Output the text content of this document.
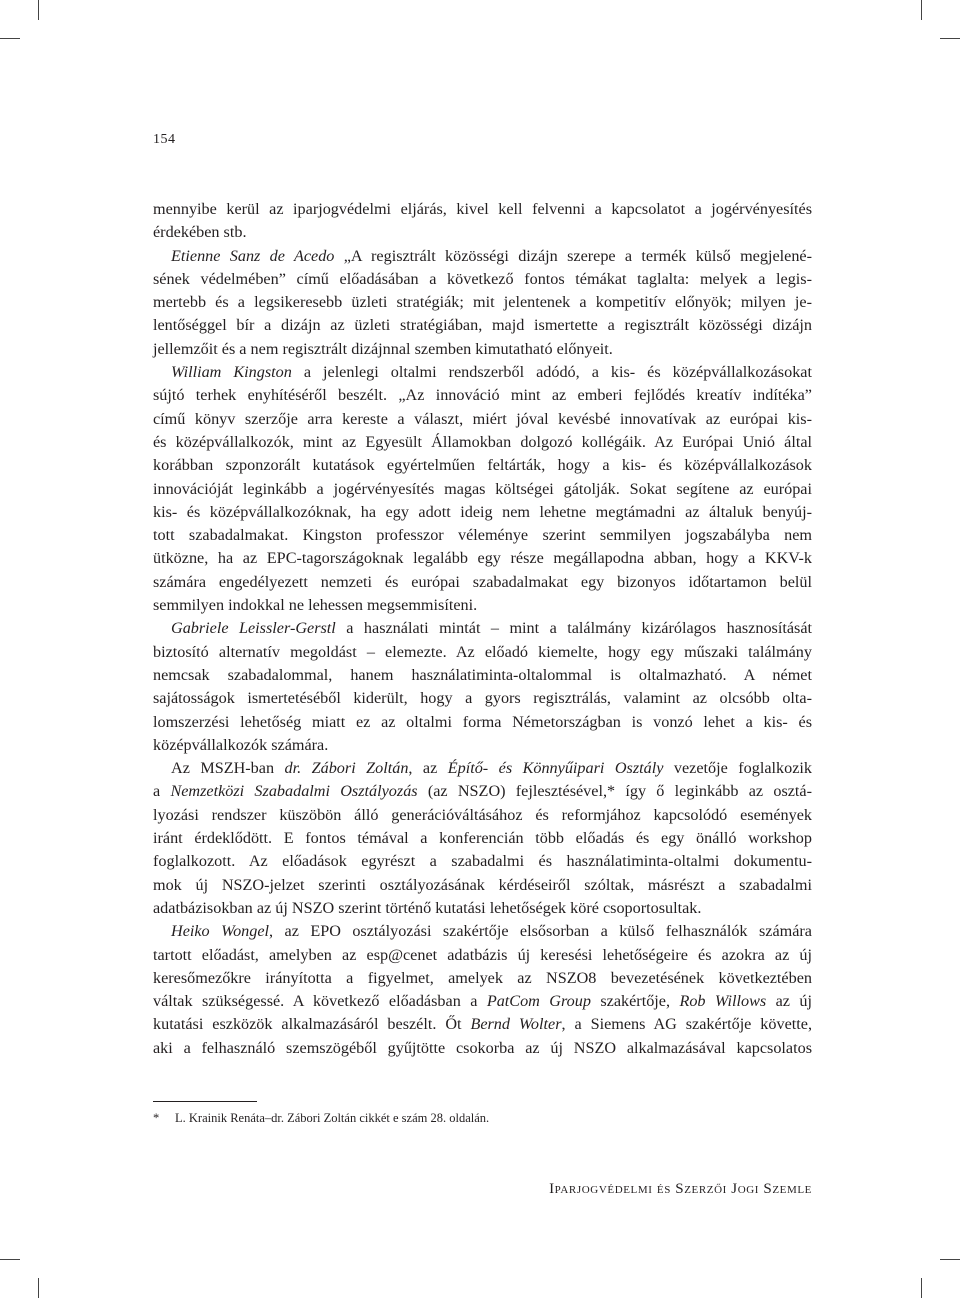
154
mennyibe kerül az iparjogvédelmi eljárás, kivel kell felvenni a kapcsolatot a jogérvényesítés
érdekében stb.
Etienne Sanz de Acedo „A regisztrált közösségi dizájn szerepe a termék külső megjelené-
sének védelmében” című előadásában a következő fontos témákat taglalta: melyek a legis-
mertebb és a legsikeresebb üzleti stratégiák; mit jelentenek a kompetitív előnyök; milyen je-
lentőséggel bír a dizájn az üzleti stratégiában, majd ismertette a regisztrált közösségi dizájn
jellemzőit és a nem regisztrált dizájnnal szemben kimutatható előnyeit.
William Kingston a jelenlegi oltalmi rendszerből adódó, a kis- és középvállalkozásokat
sújtó terhek enyhítéséről beszélt. „Az innováció mint az emberi fejlődés kreatív indítéka”
című könyv szerzője arra kereste a választ, miért jóval kevésbé innovatívak az európai kis-
és középvállalkozók, mint az Egyesült Államokban dolgozó kollégáik. Az Európai Unió által
korábban szponzorált kutatások egyértelműen feltárták, hogy a kis- és középvállalkozások
innovációját leginkább a jogérvényesítés magas költségei gátolják. Sokat segítene az európai
kis- és középvállalkozóknak, ha egy adott ideig nem lehetne megtámadni az általuk benyúj-
tott szabadalmakat. Kingston professzor véleménye szerint semmilyen jogszabályba nem
ütközne, ha az EPC-tagországoknak legalább egy része megállapodna abban, hogy a KKV-k
számára engedélyezett nemzeti és európai szabadalmakat egy bizonyos időtartamon belül
semmilyen indokkal ne lehessen megsemmisíteni.
Gabriele Leissler-Gerstl a használati mintát – mint a találmány kizárólagos hasznosítását
biztosító alternatív megoldást – elemezte. Az előadó kiemelte, hogy egy műszaki találmány
nemcsak szabadalommal, hanem használatiminta-oltalommal is oltalmazható. A német
sajátosságok ismertetéséből kiderült, hogy a gyors regisztrálás, valamint az olcsóbb olta-
lomszerzési lehetőség miatt ez az oltalmi forma Németországban is vonzó lehet a kis- és
középvállalkozók számára.
Az MSZH-ban dr. Zábori Zoltán, az Építő- és Könnyűipari Osztály vezetője foglalkozik
a Nemzetközi Szabadalmi Osztályozás (az NSZO) fejlesztésével,* így ő leginkább az osztá-
lyozási rendszer küszöbön álló generációváltásához és reformjához kapcsolódó események
iránt érdeklődött. E fontos témával a konferencián több előadás és egy önálló workshop
foglalkozott. Az előadások egyrészt a szabadalmi és használatiminta-oltalmi dokumentu-
mok új NSZO-jelzet szerinti osztályozásának kérdéseiről szóltak, másrészt a szabadalmi
adatbázisokban az új NSZO szerint történő kutatási lehetőségek köré csoportosultak.
Heiko Wongel, az EPO osztályozási szakértője elsősorban a külső felhasználók számára
tartott előadást, amelyben az esp@cenet adatbázis új keresési lehetőségeire és azokra az új
keresőmezőkre irányította a figyelmet, amelyek az NSZO8 bevezetésének következtében
váltak szükségessé. A következő előadásban a PatCom Group szakértője, Rob Willows az új
kutatási eszközök alkalmazásáról beszélt. Őt Bernd Wolter, a Siemens AG szakértője követte,
aki a felhasználó szemszögéből gyűjtötte csokorba az új NSZO alkalmazásával kapcsolatos
* L. Krainik Renáta–dr. Zábori Zoltán cikkét e szám 28. oldalán.
Iparjogvédelmi és Szerzői Jogi Szemle
